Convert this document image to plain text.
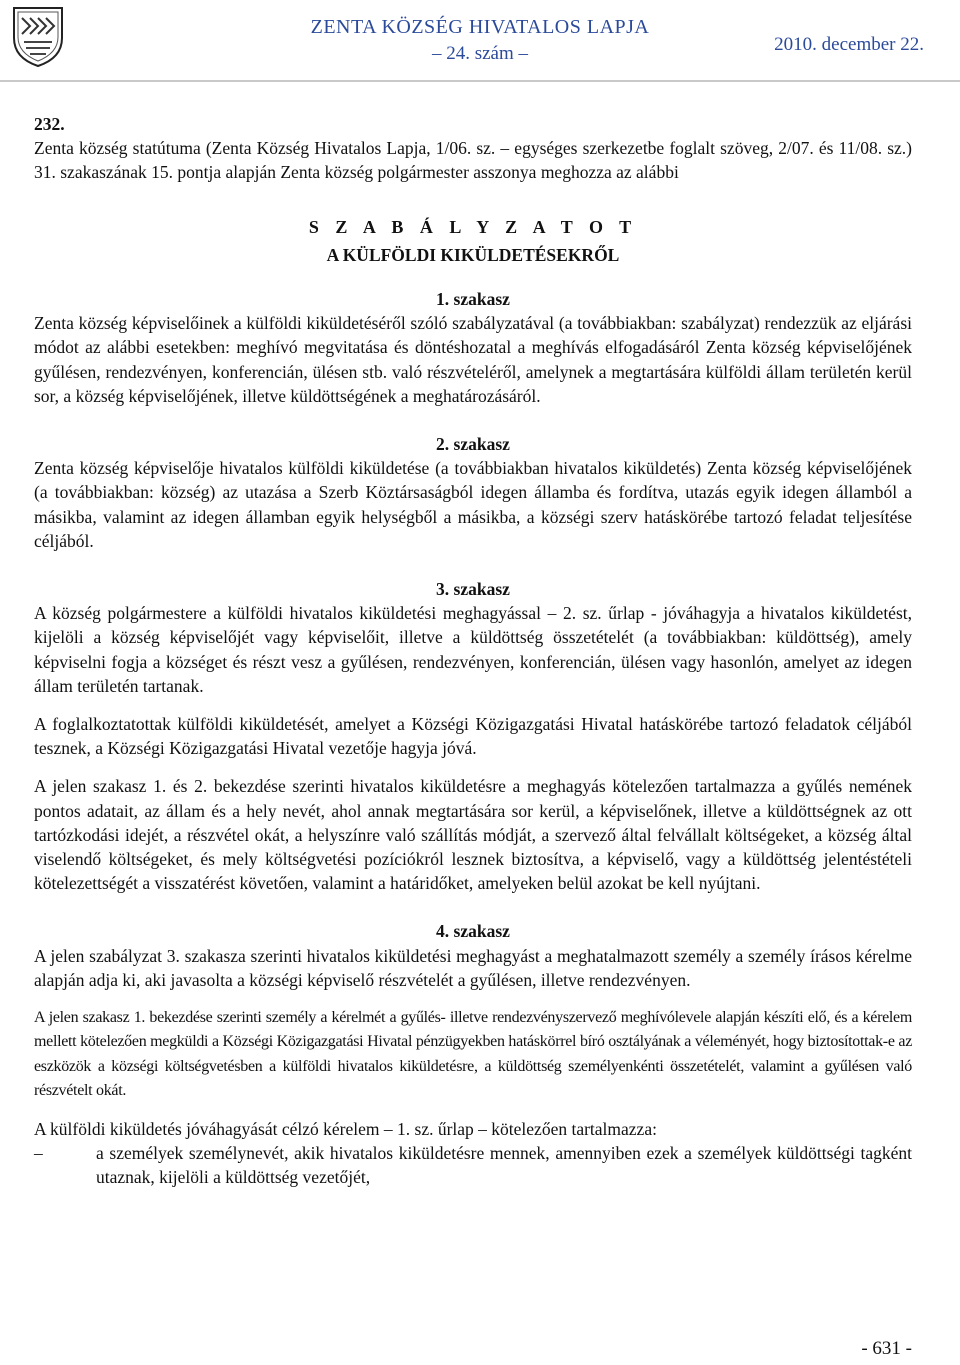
ZENTA KÖZSÉG HIVATALOS LAPJA
– 24. szám –	2010. december 22.

232.

Zenta község statútuma (Zenta Község Hivatalos Lapja, 1/06. sz. – egységes szerkezetbe foglalt szöveg, 2/07. és 11/08. sz.) 31. szakaszának 15. pontja alapján Zenta község polgármester asszonya meghozza az alábbi

S Z A B Á L Y Z A T O T

A KÜLFÖLDI KIKÜLDETÉSEKRŐL

1. szakasz

Zenta község képviselőinek a külföldi kiküldetéséről szóló szabályzatával (a továbbiakban: szabályzat) rendezzük az eljárási módot az alábbi esetekben: meghívó megvitatása és döntéshozatal a meghívás elfogadásáról Zenta község képviselőjének gyűlésen, rendezvényen, konferencián, ülésen stb. való részvételéről, amelynek a megtartására külföldi állam területén kerül sor, a község képviselőjének, illetve küldöttségének a meghatározásáról.

2. szakasz

Zenta község képviselője hivatalos külföldi kiküldetése (a továbbiakban hivatalos kiküldetés) Zenta község képviselőjének (a továbbiakban: község) az utazása a Szerb Köztársaságból idegen államba és fordítva, utazás egyik idegen államból a másikba, valamint az idegen államban egyik helységből a másikba, a községi szerv hatáskörébe tartozó feladat teljesítése céljából.

3. szakasz

A község polgármestere a külföldi hivatalos kiküldetési meghagyással – 2. sz. űrlap - jóváhagyja a hivatalos kiküldetést, kijelöli a község képviselőjét vagy képviselőit, illetve a küldöttség összetételét (a továbbiakban: küldöttség), amely képviselni fogja a községet és részt vesz a gyűlésen, rendezvényen, konferencián, ülésen vagy hasonlón, amelyet az idegen állam területén tartanak.

A foglalkoztatottak külföldi kiküldetését, amelyet a Községi Közigazgatási Hivatal hatáskörébe tartozó feladatok céljából tesznek, a Községi Közigazgatási Hivatal vezetője hagyja jóvá.

A jelen szakasz 1. és 2. bekezdése szerinti hivatalos kiküldetésre a meghagyás kötelezően tartalmazza a gyűlés nemének pontos adatait, az állam és a hely nevét, ahol annak megtartására sor kerül, a képviselőnek, illetve a küldöttségnek az ott tartózkodási idejét, a részvétel okát, a helyszínre való szállítás módját, a szervező által felvállalt költségeket, a község által viselendő költségeket, és mely költségvetési pozíciókról lesznek biztosítva, a képviselő, vagy a küldöttség jelentéstételi kötelezettségét a visszatérést követően, valamint a határidőket, amelyeken belül azokat be kell nyújtani.

4. szakasz

A jelen szabályzat 3. szakasza szerinti hivatalos kiküldetési meghagyást a meghatalmazott személy a személy írásos kérelme alapján adja ki, aki javasolta a községi képviselő részvételét a gyűlésen, illetve rendezvényen.

A jelen szakasz 1. bekezdése szerinti személy a kérelmét a gyűlés- illetve rendezvényszervező meghívólevele alapján készíti elő, és a kérelem mellett kötelezően megküldi a Községi Közigazgatási Hivatal pénzügyekben hatáskörrel bíró osztályának a véleményét, hogy biztosítottak-e az eszközök a községi költségvetésben a külföldi hivatalos kiküldetésre, a küldöttség személyenkénti összetételét, valamint a gyűlésen való részvételt okát.

A külföldi kiküldetés jóváhagyását célzó kérelem – 1. sz. űrlap – kötelezően tartalmazza:

–	a személyek személynevét, akik hivatalos kiküldetésre mennek, amennyiben ezek a személyek küldöttségi tagként utaznak, kijelöli a küldöttség vezetőjét,
- 631 -
